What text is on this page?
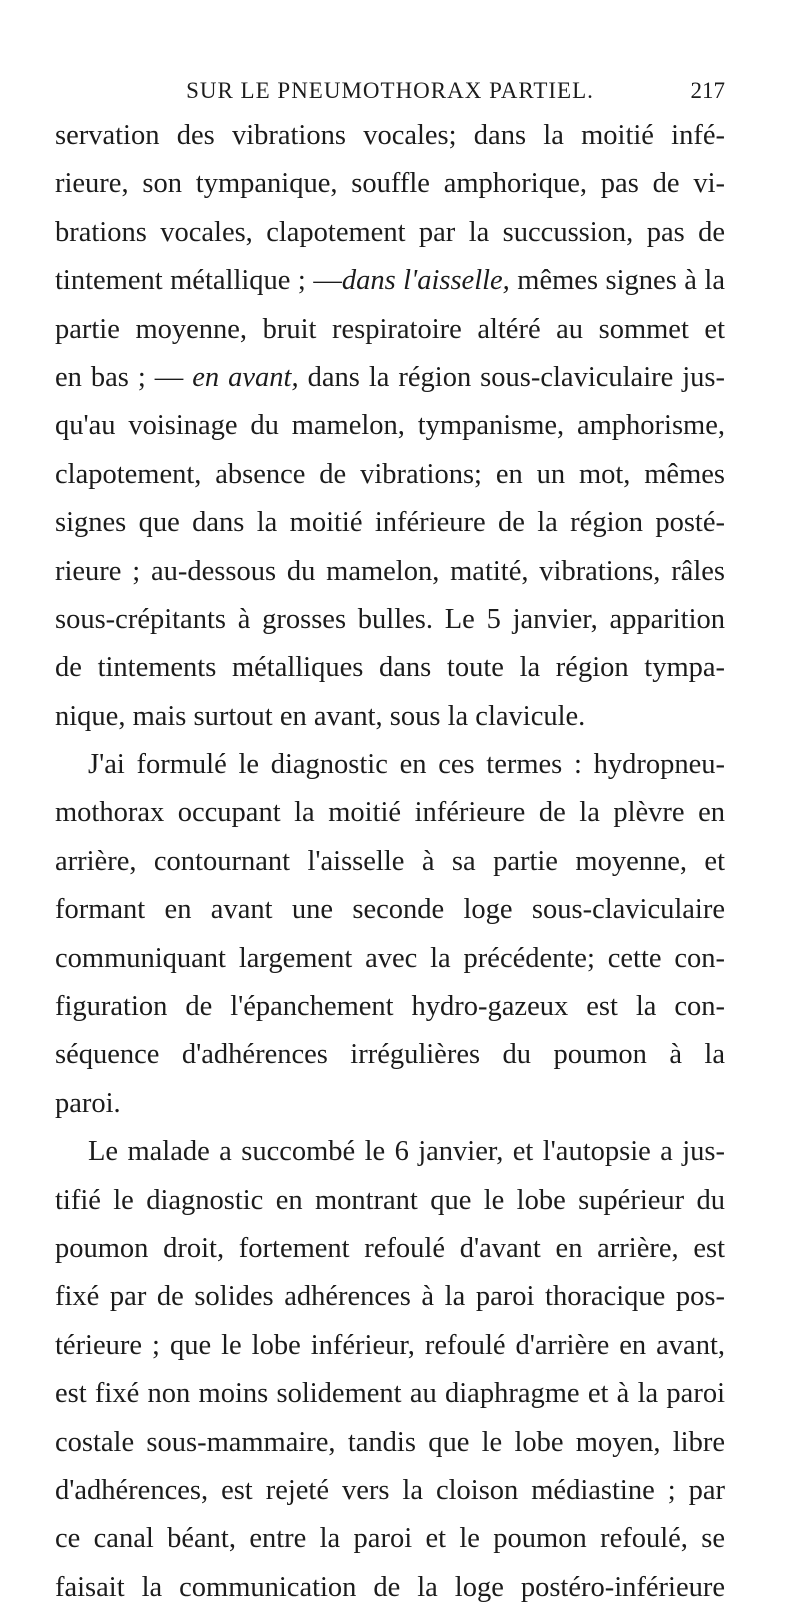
SUR LE PNEUMOTHORAX PARTIEL.	217
servation des vibrations vocales; dans la moitié infé-
rieure, son tympanique, souffle amphorique, pas de vi-
brations vocales, clapotement par la succussion, pas de
tintement métallique ; —dans l'aisselle, mêmes signes à la
partie moyenne, bruit respiratoire altéré au sommet et
en bas ; — en avant, dans la région sous-claviculaire jus-
qu'au voisinage du mamelon, tympanisme, amphorisme,
clapotement, absence de vibrations; en un mot, mêmes
signes que dans la moitié inférieure de la région posté-
rieure ; au-dessous du mamelon, matité, vibrations, râles
sous-crépitants à grosses bulles. Le 5 janvier, apparition
de tintements métalliques dans toute la région tympa-
nique, mais surtout en avant, sous la clavicule.
J'ai formulé le diagnostic en ces termes : hydropneu-
mothorax occupant la moitié inférieure de la plèvre en
arrière, contournant l'aisselle à sa partie moyenne, et
formant en avant une seconde loge sous-claviculaire
communiquant largement avec la précédente; cette con-
figuration de l'épanchement hydro-gazeux est la con-
séquence d'adhérences irrégulières du poumon à la
paroi.
Le malade a succombé le 6 janvier, et l'autopsie a jus-
tifié le diagnostic en montrant que le lobe supérieur du
poumon droit, fortement refoulé d'avant en arrière, est
fixé par de solides adhérences à la paroi thoracique pos-
térieure ; que le lobe inférieur, refoulé d'arrière en avant,
est fixé non moins solidement au diaphragme et à la paroi
costale sous-mammaire, tandis que le lobe moyen, libre
d'adhérences, est rejeté vers la cloison médiastine ; par
ce canal béant, entre la paroi et le poumon refoulé, se
faisait la communication de la loge postéro-inférieure
